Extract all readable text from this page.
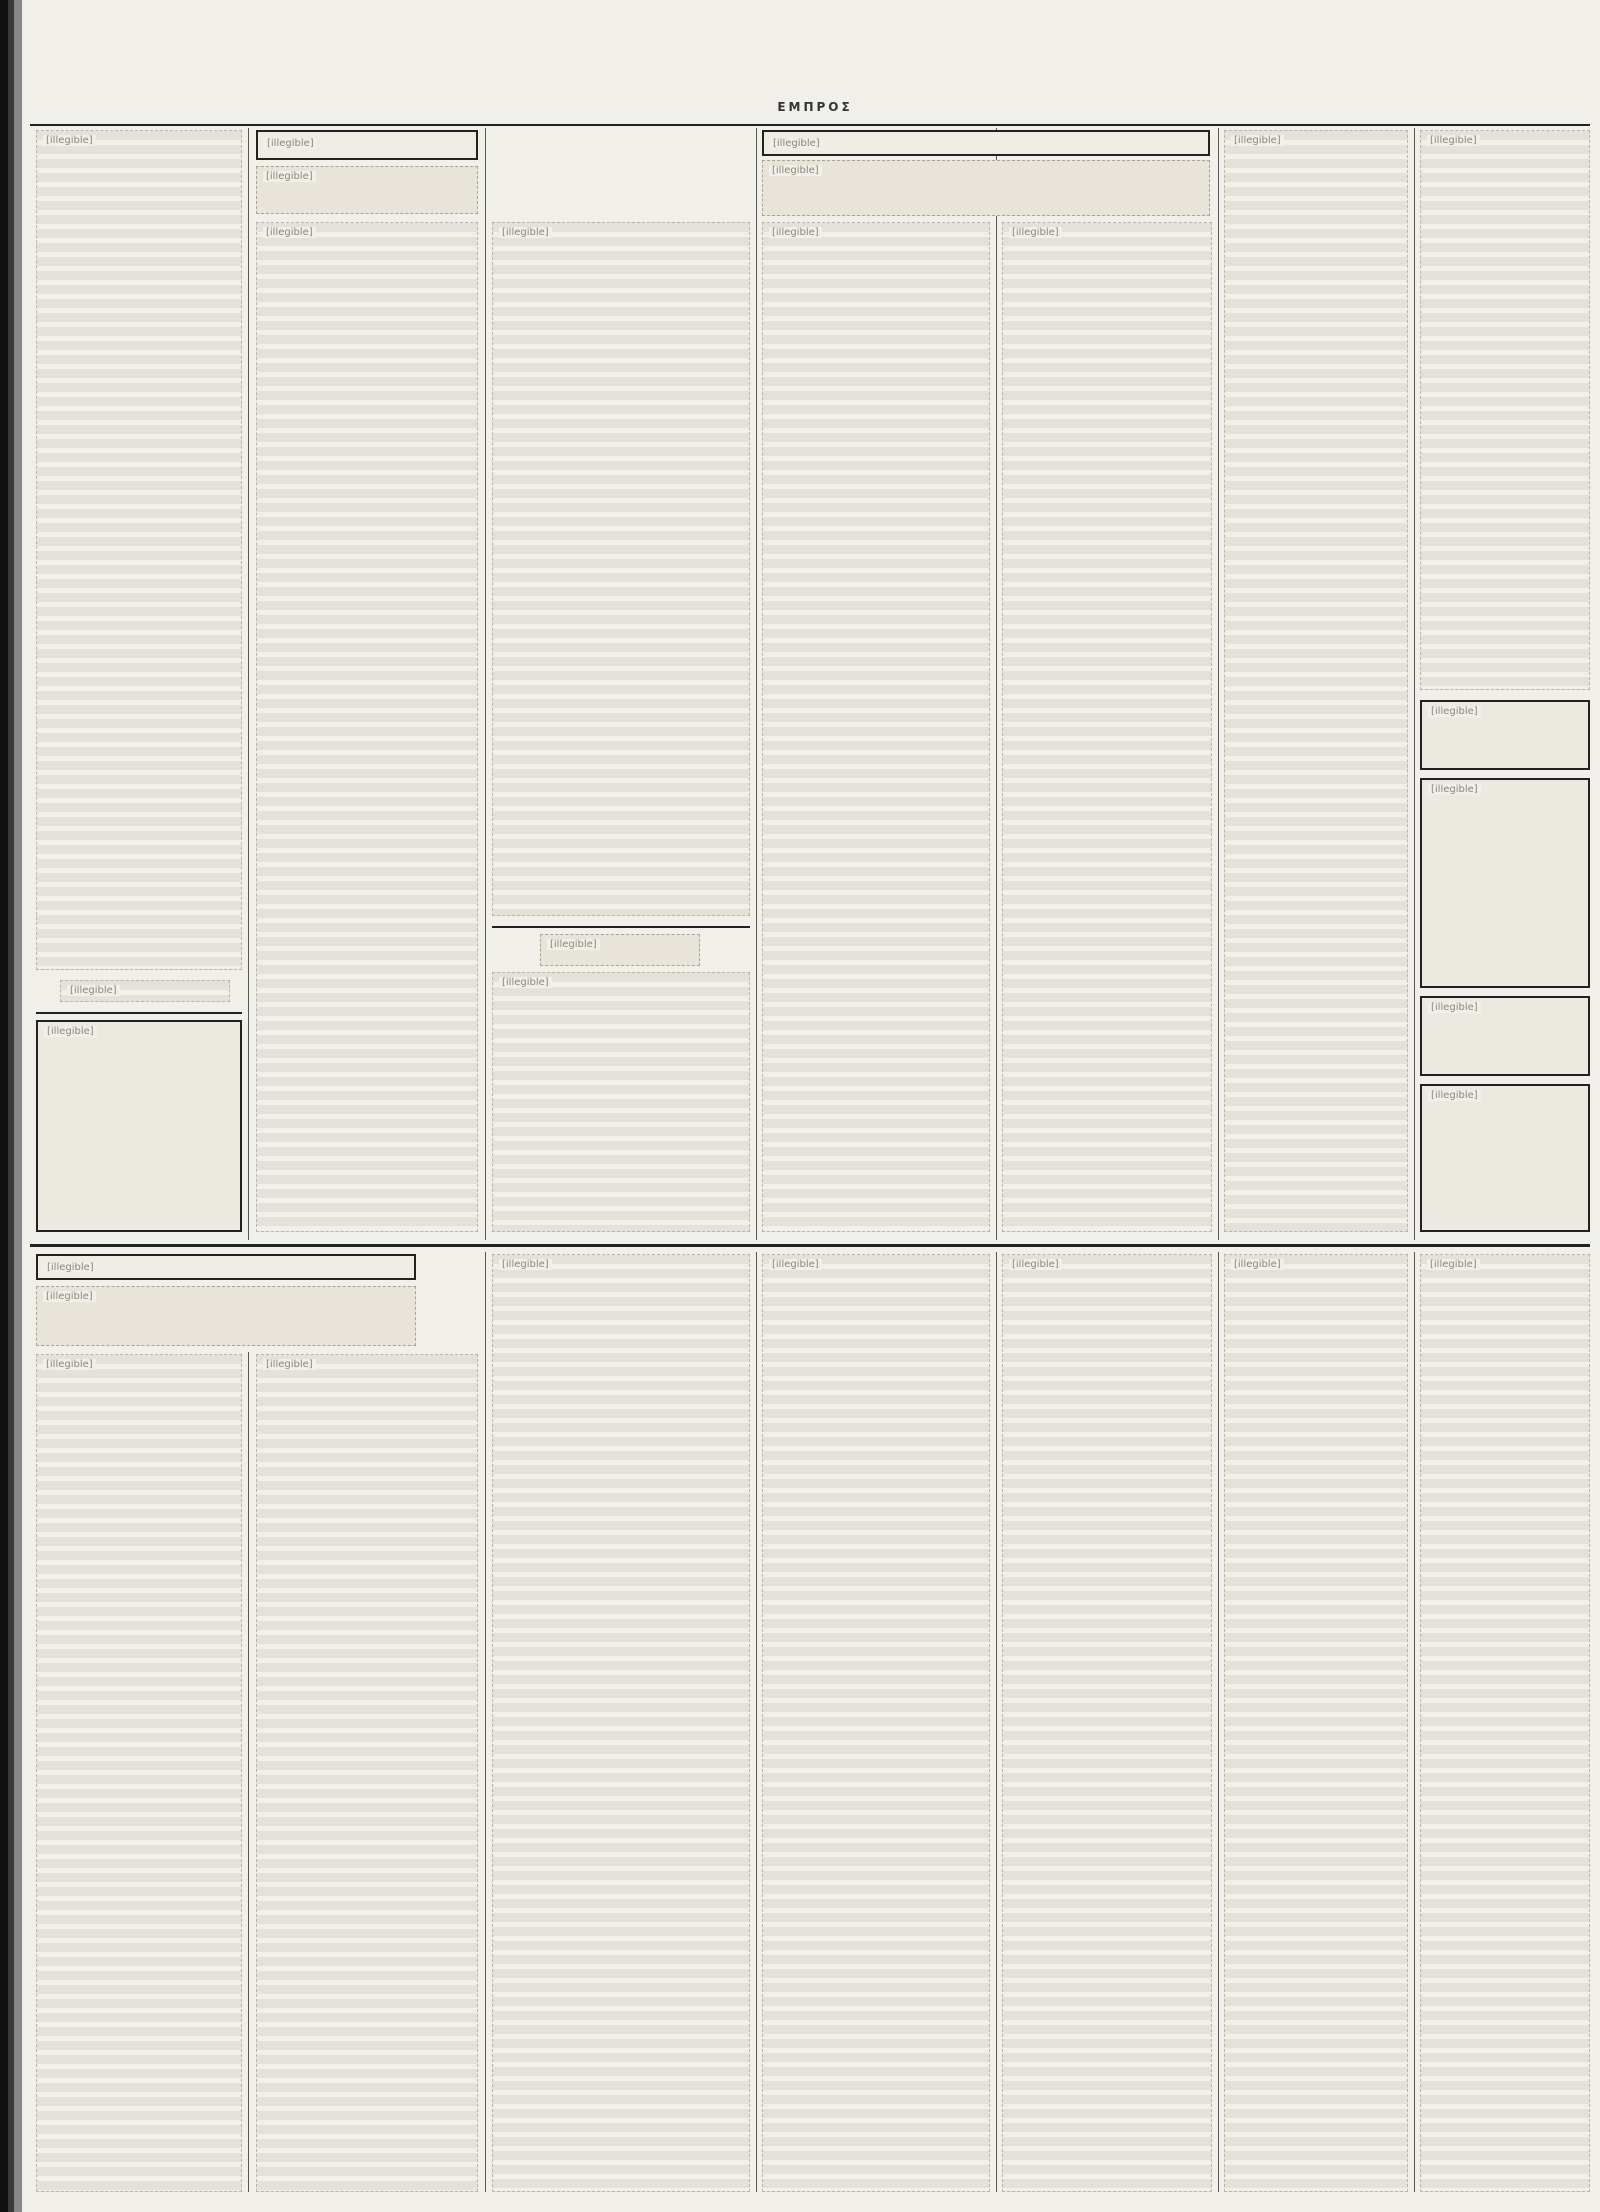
ΕΜΠΡΟΣ
[illegible]
[illegible]
[illegible]
[illegible]
[illegible]
[illegible]	[illegible]
[illegible]
[illegible]
[illegible]
[illegible]
[illegible]	[illegible]
[illegible]	[illegible]
[illegible]
[illegible]
[illegible]
[illegible]
[illegible]
[illegible]
[illegible]	[illegible]
[illegible]	[illegible]	[illegible]	[illegible]	[illegible]
